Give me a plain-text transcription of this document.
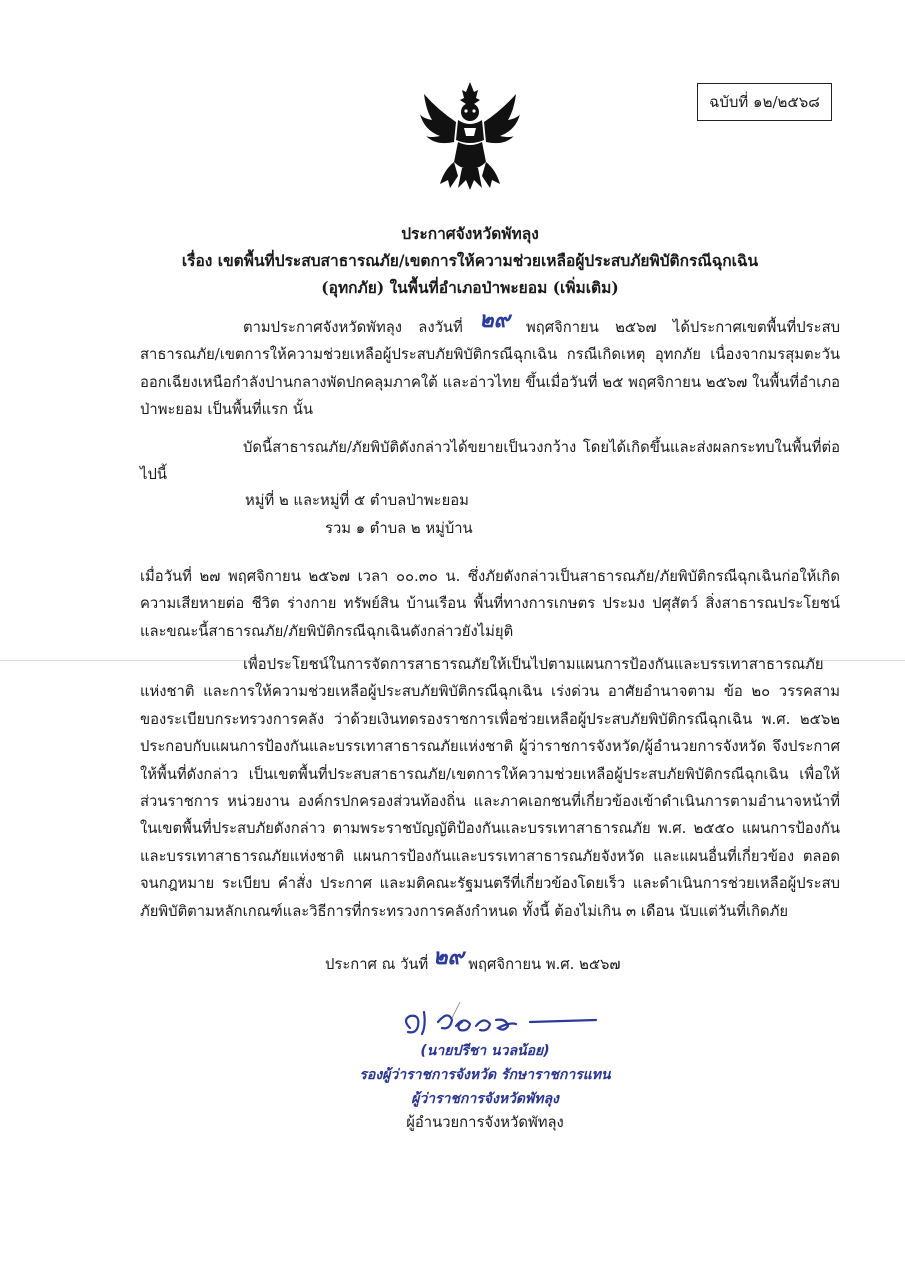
ฉบับที่ ๑๒/๒๕๖๘
ประกาศจังหวัดพัทลุง
เรื่อง เขตพื้นที่ประสบสาธารณภัย/เขตการให้ความช่วยเหลือผู้ประสบภัยพิบัติกรณีฉุกเฉิน
(อุทกภัย) ในพื้นที่อำเภอป่าพะยอม (เพิ่มเติม)

ตามประกาศจังหวัดพัทลุง ลงวันที่ ๒๙ พฤศจิกายน ๒๕๖๗ ได้ประกาศเขตพื้นที่ประสบสาธารณภัย/เขตการให้ความช่วยเหลือผู้ประสบภัยพิบัติกรณีฉุกเฉิน กรณีเกิดเหตุ อุทกภัย เนื่องจากมรสุมตะวันออกเฉียงเหนือกำลังปานกลางพัดปกคลุมภาคใต้ และอ่าวไทย ขึ้นเมื่อวันที่ ๒๕ พฤศจิกายน ๒๕๖๗ ในพื้นที่อำเภอป่าพะยอม เป็นพื้นที่แรก นั้น

บัดนี้สาธารณภัย/ภัยพิบัติดังกล่าวได้ขยายเป็นวงกว้าง โดยได้เกิดขึ้นและส่งผลกระทบในพื้นที่ต่อไปนี้

หมู่ที่ ๒ และหมู่ที่ ๕ ตำบลป่าพะยอม
รวม ๑ ตำบล ๒ หมู่บ้าน

เมื่อวันที่ ๒๗ พฤศจิกายน ๒๕๖๗ เวลา ๐๐.๓๐ น. ซึ่งภัยดังกล่าวเป็นสาธารณภัย/ภัยพิบัติกรณีฉุกเฉินก่อให้เกิดความเสียหายต่อ ชีวิต ร่างกาย ทรัพย์สิน บ้านเรือน พื้นที่ทางการเกษตร ประมง ปศุสัตว์ สิ่งสาธารณประโยชน์ และขณะนี้สาธารณภัย/ภัยพิบัติกรณีฉุกเฉินดังกล่าวยังไม่ยุติ

เพื่อประโยชน์ในการจัดการสาธารณภัยให้เป็นไปตามแผนการป้องกันและบรรเทาสาธารณภัยแห่งชาติ และการให้ความช่วยเหลือผู้ประสบภัยพิบัติกรณีฉุกเฉิน เร่งด่วน อาศัยอำนาจตาม ข้อ ๒๐ วรรคสาม ของระเบียบกระทรวงการคลัง ว่าด้วยเงินทดรองราชการเพื่อช่วยเหลือผู้ประสบภัยพิบัติกรณีฉุกเฉิน พ.ศ. ๒๕๖๒ ประกอบกับแผนการป้องกันและบรรเทาสาธารณภัยแห่งชาติ ผู้ว่าราชการจังหวัด/ผู้อำนวยการจังหวัด จึงประกาศให้พื้นที่ดังกล่าว เป็นเขตพื้นที่ประสบสาธารณภัย/เขตการให้ความช่วยเหลือผู้ประสบภัยพิบัติกรณีฉุกเฉิน เพื่อให้ส่วนราชการ หน่วยงาน องค์กรปกครองส่วนท้องถิ่น และภาคเอกชนที่เกี่ยวข้องเข้าดำเนินการตามอำนาจหน้าที่ในเขตพื้นที่ประสบภัยดังกล่าว ตามพระราชบัญญัติป้องกันและบรรเทาสาธารณภัย พ.ศ. ๒๕๕๐ แผนการป้องกันและบรรเทาสาธารณภัยแห่งชาติ แผนการป้องกันและบรรเทาสาธารณภัยจังหวัด และแผนอื่นที่เกี่ยวข้อง ตลอดจนกฎหมาย ระเบียบ คำสั่ง ประกาศ และมติคณะรัฐมนตรีที่เกี่ยวข้องโดยเร็ว และดำเนินการช่วยเหลือผู้ประสบภัยพิบัติตามหลักเกณฑ์และวิธีการที่กระทรวงการคลังกำหนด ทั้งนี้ ต้องไม่เกิน ๓ เดือน นับแต่วันที่เกิดภัย

ประกาศ ณ วันที่ ๒๙ พฤศจิกายน พ.ศ. ๒๕๖๗
(นายปรีชา นวลน้อย)
รองผู้ว่าราชการจังหวัด รักษาราชการแทน
ผู้ว่าราชการจังหวัดพัทลุง
ผู้อำนวยการจังหวัดพัทลุง
